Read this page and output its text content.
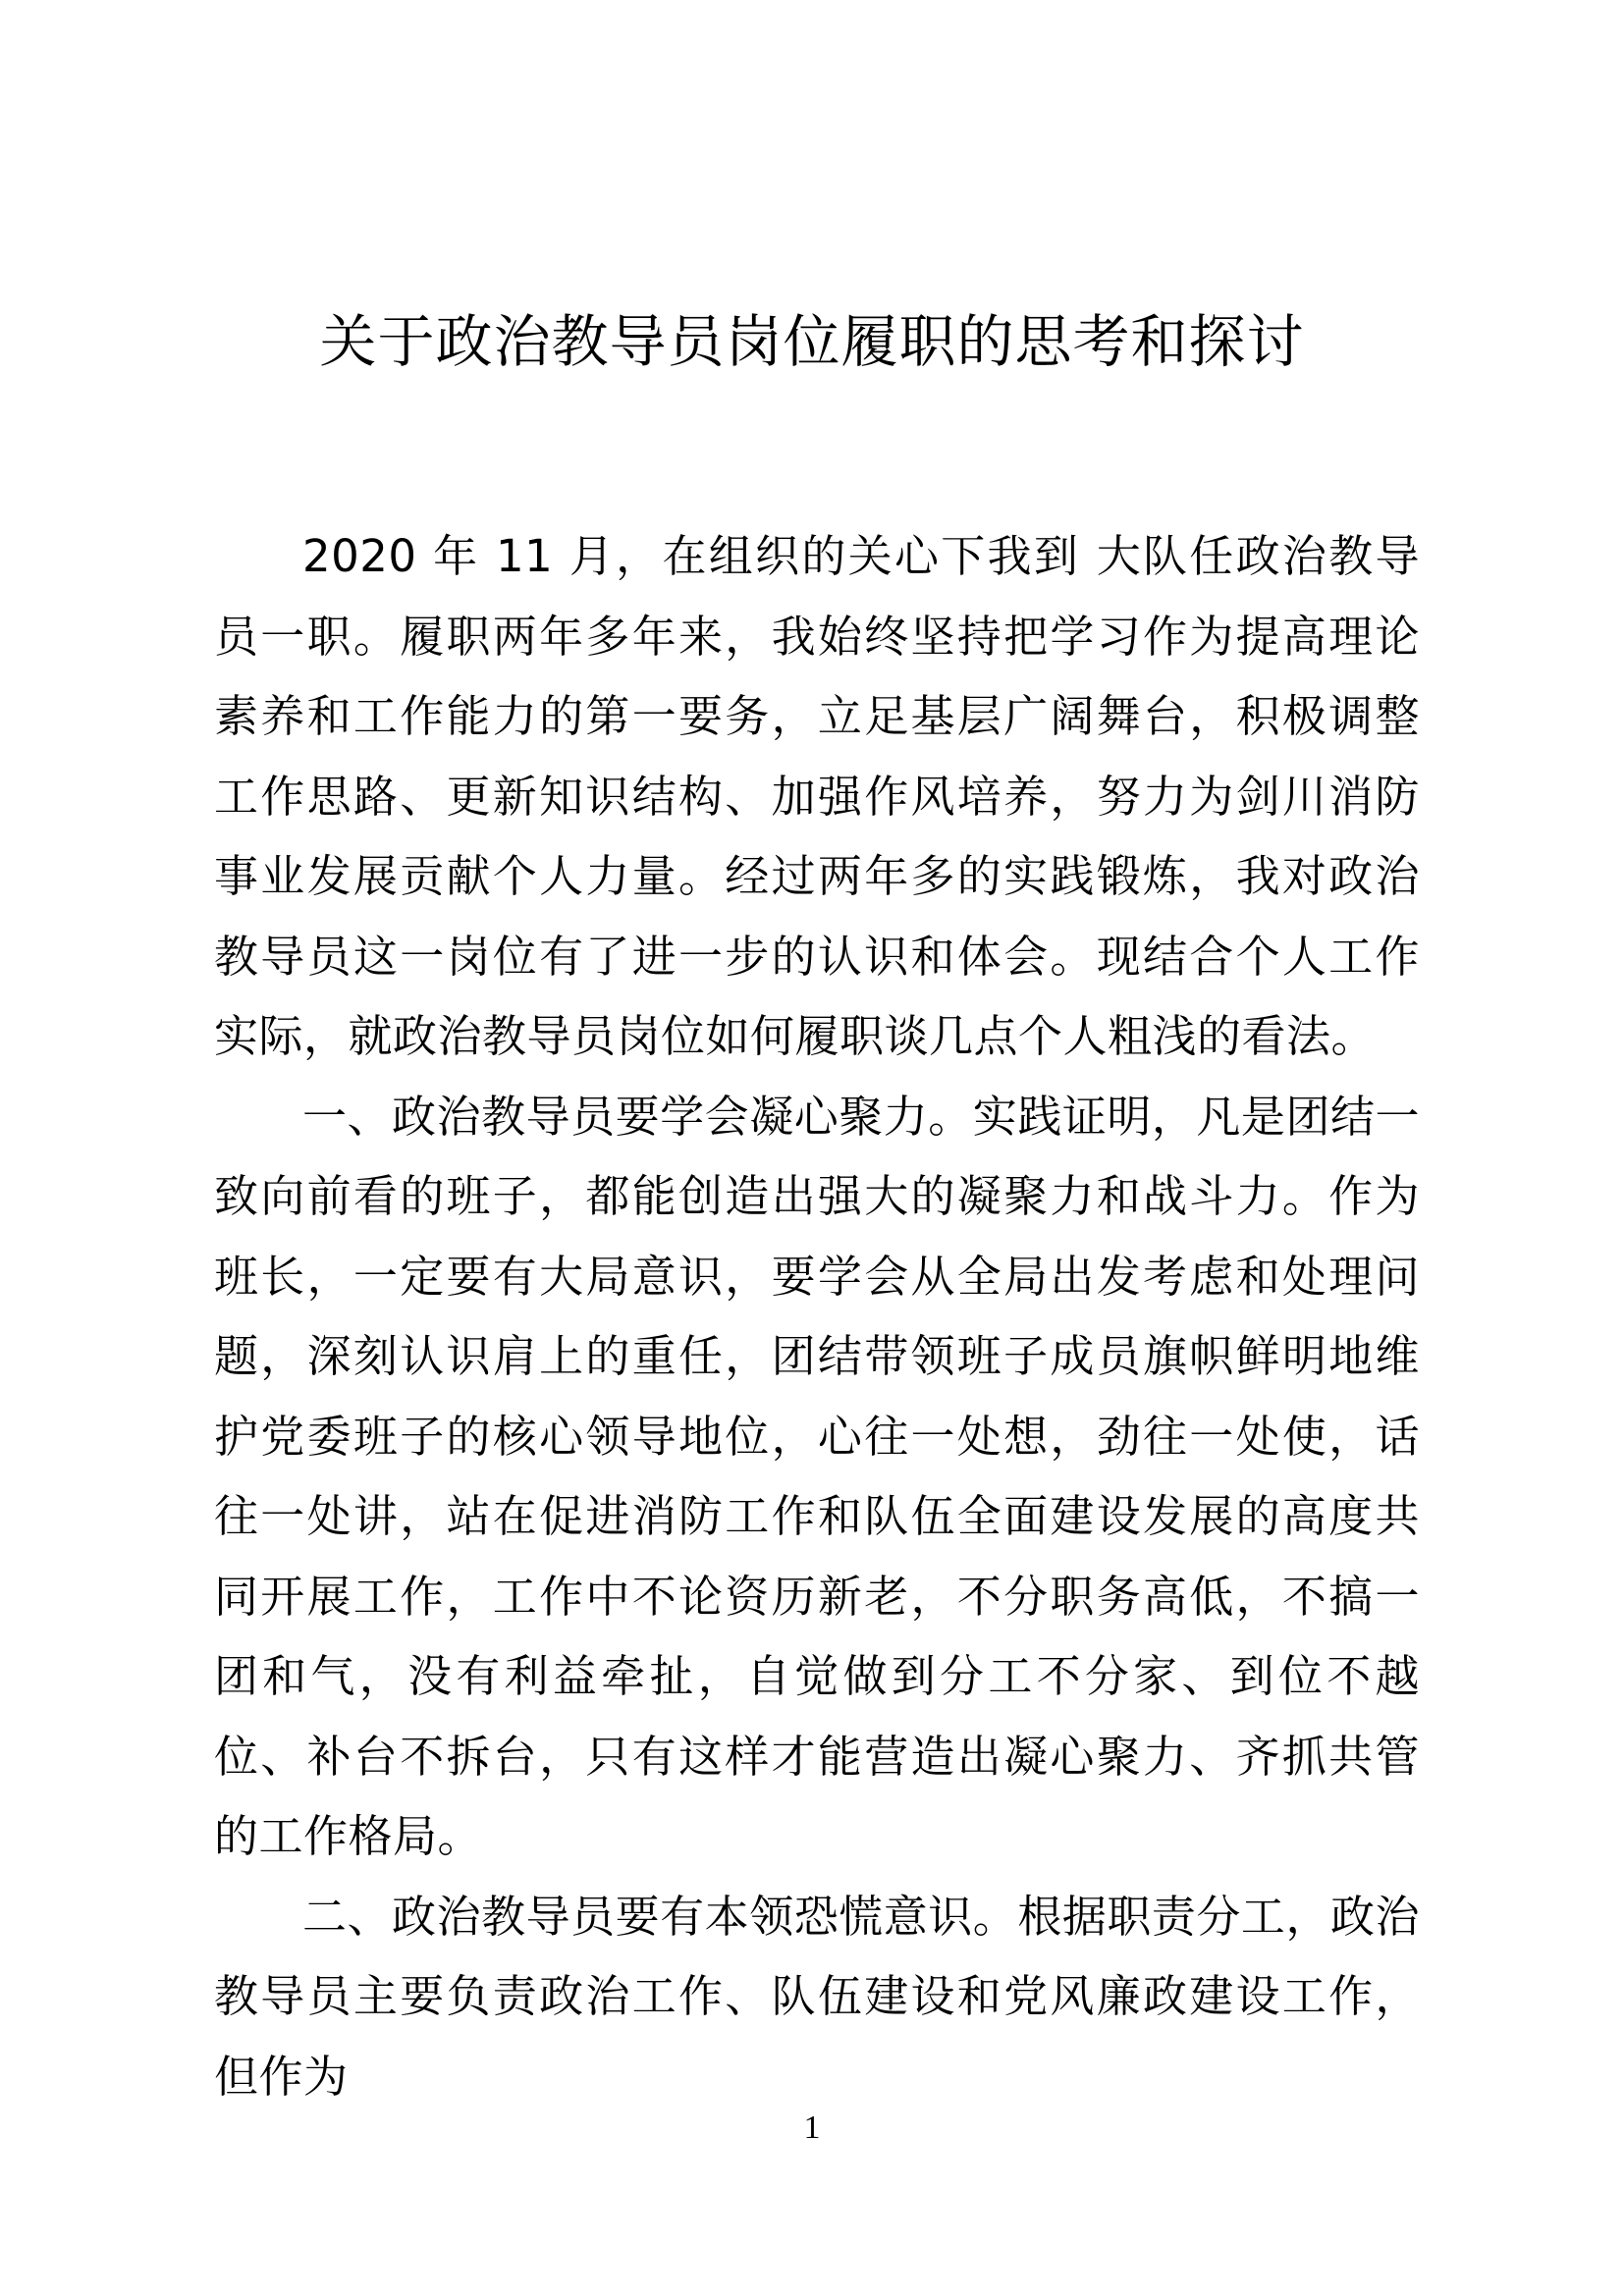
关于政治教导员岗位履职的思考和探讨

2020 年 11 月，在组织的关心下我到 大队任政治教导员一职。履职两年多年来，我始终坚持把学习作为提高理论素养和工作能力的第一要务，立足基层广阔舞台，积极调整工作思路、更新知识结构、加强作风培养，努力为剑川消防事业发展贡献个人力量。经过两年多的实践锻炼，我对政治教导员这一岗位有了进一步的认识和体会。现结合个人工作实际，就政治教导员岗位如何履职谈几点个人粗浅的看法。

一、政治教导员要学会凝心聚力。实践证明，凡是团结一致向前看的班子，都能创造出强大的凝聚力和战斗力。作为班长，一定要有大局意识，要学会从全局出发考虑和处理问题，深刻认识肩上的重任，团结带领班子成员旗帜鲜明地维护党委班子的核心领导地位，心往一处想，劲往一处使，话往一处讲，站在促进消防工作和队伍全面建设发展的高度共同开展工作，工作中不论资历新老，不分职务高低，不搞一团和气，没有利益牵扯，自觉做到分工不分家、到位不越位、补台不拆台，只有这样才能营造出凝心聚力、齐抓共管的工作格局。

二、政治教导员要有本领恐慌意识。根据职责分工，政治教导员主要负责政治工作、队伍建设和党风廉政建设工作，但作为

1
